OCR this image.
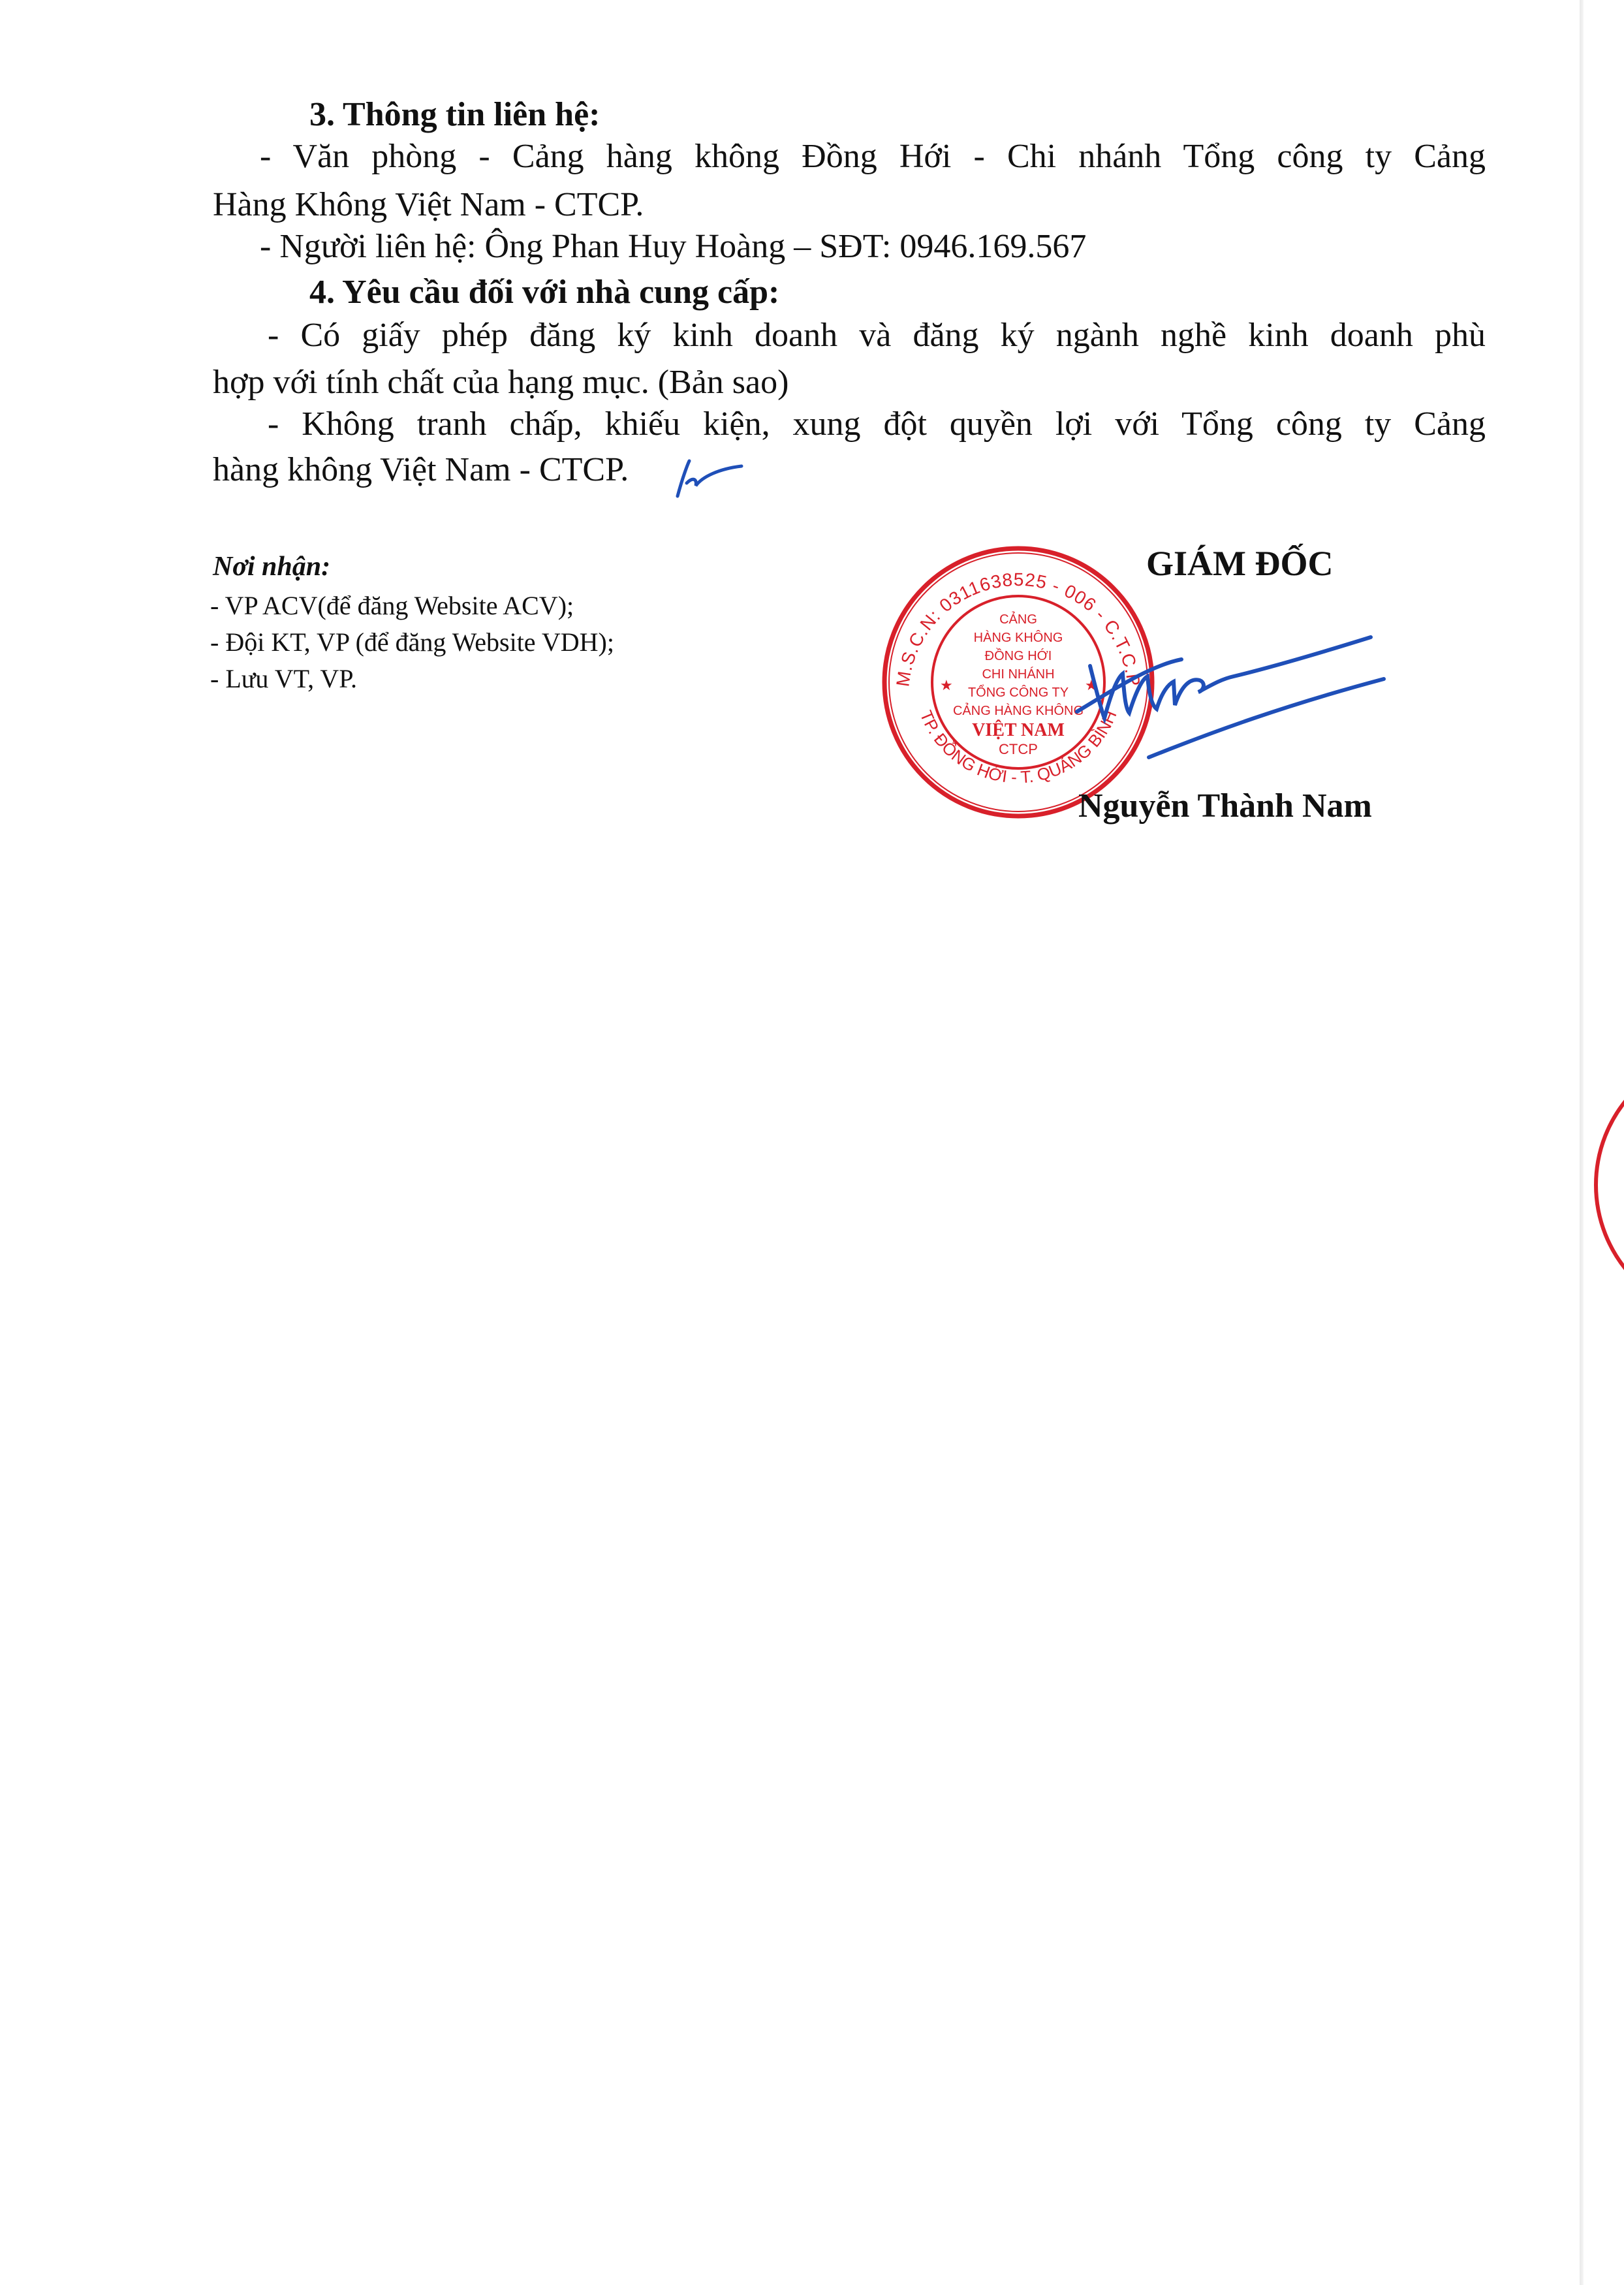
3. Thông tin liên hệ:
- Văn phòng - Cảng hàng không Đồng Hới - Chi nhánh Tổng công ty Cảng
Hàng Không Việt Nam - CTCP.
- Người liên hệ: Ông Phan Huy Hoàng – SĐT: 0946.169.567
4. Yêu cầu đối với nhà cung cấp:
- Có giấy phép đăng ký kinh doanh và đăng ký ngành nghề kinh doanh phù
hợp với tính chất của hạng mục. (Bản sao)
- Không tranh chấp, khiếu kiện, xung đột quyền lợi với Tổng công ty Cảng
hàng không Việt Nam - CTCP.
Nơi nhận:
- VP ACV(để đăng Website ACV);
- Đội KT, VP (để đăng Website VDH);
- Lưu VT, VP.
GIÁM ĐỐC
M.S.C.N: 0311638525 - 006 - C.T.C.P
TP. ĐỒNG HỚI - T. QUẢNG BÌNH
★	★
CẢNG
HÀNG KHÔNG
ĐỒNG HỚI
CHI NHÁNH
TỔNG CÔNG TY
CẢNG HÀNG KHÔNG
VIỆT NAM
CTCP
Nguyễn Thành Nam
